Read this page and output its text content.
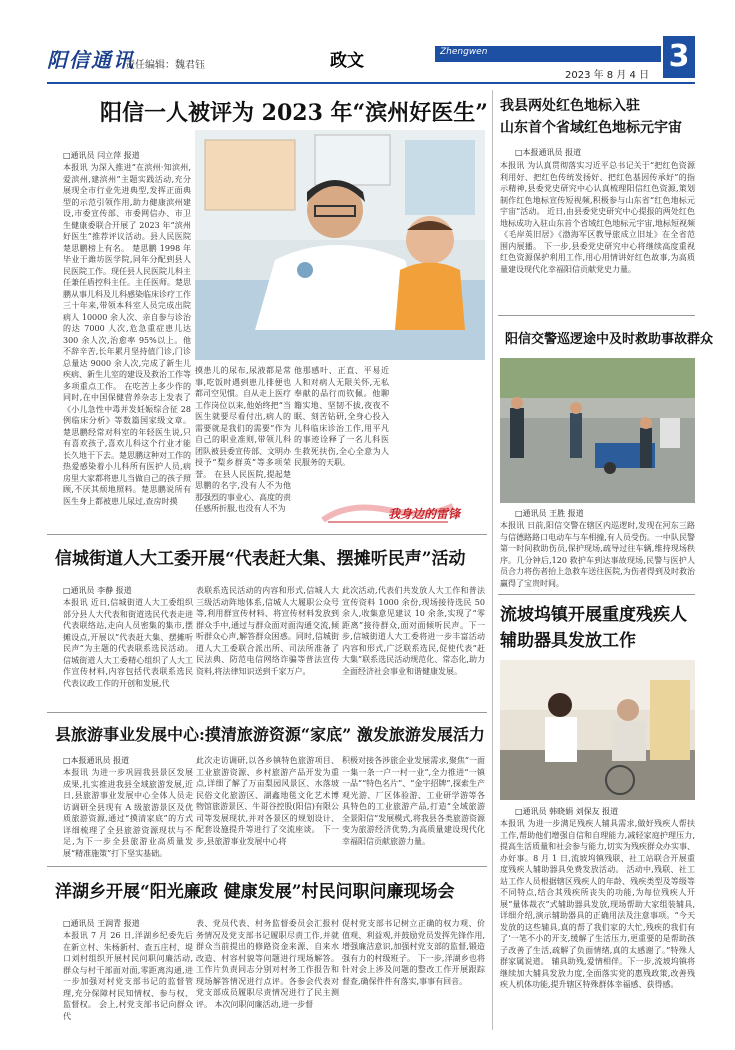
阳信通讯
责任编辑：魏君钰	政文	Zhengwen	3
2023 年 8 月 4 日
阳信一人被评为 2023 年“滨州好医生”
□通讯员 闫立萍 报道
本报讯 为深入推进“在滨州·知滨州,爱滨州,建滨州”主题实践活动,充分展现全市行业先进典型,发挥正面典型的示范引领作用,助力健康滨州建设,市委宣传部、市委网信办、市卫生健康委联合开展了 2023 年“滨州好医生”推荐评议活动。县人民医院楚思鹏榜上有名。 楚思鹏 1998 年毕业于潍坊医学院,同年分配到县人民医院工作。现任县人民医院儿科主任兼任盾控科主任。主任医师。楚思鹏从事儿科及儿科感染临床诊疗工作三十年来,带领本科室人员完成出院病人 10000 余人次、亲自参与诊治的达 7000 人次,危急重症患儿达 300 余人次,治愈率 95%以上。他不辞辛苦,长年累月坚持值门诊,门诊总量达 9000 余人次,完成了新生儿疾病、新生儿室的建设及救治工作等多项重点工作。 在吃苦上多少作的同时,在中国保健营养杂志上发表了《小儿急性中毒并发妊娠综合征 28 例临床分析》等数篇国家级文章。 楚思鹏经常对科室的年轻医生说,只有喜欢孩子,喜欢儿科这个行业才能长久地干下去。楚思鹏这种对工作的热爱感染着小儿科所有医护人员,病房里大家都将患儿当做自己的孩子照顾,不厌其烦地照料。楚思鹏说所有医生身上都被患儿尿过,查房时摸
摸患儿的尿布,尿液都是常事,吃饭时遇到患儿排便也都司空见惯。自从走上医疗工作岗位以来,他始终把“当医生就要尽看付出,病人的需要就是我们的需要”作为自己的职业准则,带领儿科团队被县委宣传部、文明办授予“梨乡群英”等多项荣誉。 在县人民医院,提起楚思鹏的名字,没有人不为他那强烈的事业心、高度的责任感所折服,也没有人不为
他那感叶、正直、平易近人和对病人无限关怀,无私奉献的品行而钦佩。他聊籍实地、坚韧不拔,夜夜不眠、刻苦钻研,全身心投入儿科临床诊治工作,用平凡的事迹诠释了一名儿科医生救死扶伤,全心全意为人民服务的天职。
我身边的雷锋
信城街道人大工委开展“代表赶大集、摆摊听民声”活动
□通讯员 李静 报道
本报讯 近日,信城街道人大工委组织部分县人大代表和街道选民代表走进代表联络站,走向人员密集的集市,摆摊设点,开展以“代表赶大集、摆摊听民声”为主题的代表联系选民活动。 信城街道人大工委精心组织了人大工作宣传材料,内容包括代表联系选民代表议政工作的开创和发展,代
表联系选民活动的内容和形式,信城人大三级活动阵地体系,信城人大履职公众号等,利用群宣传材料、将宣传材料发放到群众手中,通过与群众面对面沟通交流,倾听群众心声,解答群众困惑。同时,信城街道人大工委联合派出所、司法所准备了民法典、防范电信网络诈骗等普法宣传资料,将法律知识送到千家万户。
此次活动,代表们共发放人大工作和普法宣传资料 1000 余份,现场接待选民 50 余人,收集意见建议 10 余条,实现了“零距离”接待群众,面对面倾听民声。下一步,信城街道人大工委将进一步丰富活动内容和形式,广泛联系选民,促使代表“赶大集”联系选民活动规范化、常态化,助力全面经济社会事业和谐健康发展。
县旅游事业发展中心:摸清旅游资源“家底” 激发旅游发展活力
□本报通讯员 报道
本报讯 为进一步巩固我县景区发展成果,扎实推进我县全域旅游发展,近日,县旅游事业发展中心全体人员走访调研全县现有 A 级旅游景区及优质旅游资源,通过“摸清家底”的方式详细梳理了全县旅游资源现状与不足,为下一步全县旅游业高质量发展“精准施策”打下坚实基础。
此次走访调研,以各乡镇特色旅游项目、工业旅游资源、乡村旅游产品开发为重点,详细了解了万亩梨园风景区、水落坡民俗文化旅游区、湖鑫地毯文化艺术博物馆旅游景区、牛哥谷控股(阳信)有限公司等发展现状,并对各景区的规划设计、配套设施提升等进行了交流座谈。 下一步,县旅游事业发展中心将
积极对接各涉旅企业发展需求,聚焦“一面一集一条一户一村一业”,全力推进“一镇一品”“特色名片”、“金字招牌”,探索生产观光游、厂区体验游、工业研学游等各具特色的工业旅游产品,打造“全域旅游 全景阳信”发展模式,将我县各类旅游资源变为旅游经济优势,为高质量建设现代化幸福阳信贡献旅游力量。
洋湖乡开展“阳光廉政 健康发展”村民问职问廉现场会
□通讯员 王润青 报道
本报讯 7 月 26 日,洋湖乡纪委先后在新立村、朱杨新村、查五庄村、堤口刘村组织开展村民问职问廉活动,群众与村干部面对面,零距离沟通,进一步加强对村党支部书记的监督管理,充分保障村民知情权、参与权、监督权。 会上,村党支部书记向群众代
表、党员代表、村务监督委员会汇报村务情况及党支部书记履职尽责工作,并就群众当前提出的修路资金来源、自来水改造、村容村貌等问题进行现场解答。工作片负责同志分别对村务工作报告和现场解答情况进行点评。各参会代表对党支部成员履职尽责情况进行了民主测评。 本次问职问廉活动,进一步督
促村党支部书记树立正确的权力观、价值观、利益观,并鼓励党员发挥先锋作用,增强廉洁意识,加强村党支部的监督,锻造强有力的村级班子。 下一步,洋湖乡也将针对会上涉及问题的整改工作开展跟踪督查,确保件件有落实,事事有回音。
我县两处红色地标入驻
山东首个省域红色地标元宇宙
□本报通讯员 报道
本报讯 为认真贯彻落实习近平总书记关于“把红色资源利用好、把红色传统发扬好、把红色基因传承好”的指示精神,县委党史研究中心认真梳理阳信红色资源,策划制作红色地标宣传短视频,积极参与山东省“红色地标元宇宙”活动。 近日,由县委党史研究中心提报的两处红色地标成功入驻山东首个省域红色地标元宇宙,地标短视频《毛岸英旧居》《渤海军区教导旅成立旧址》在全省范围内展播。 下一步,县委党史研究中心将继续高度重视红色资源保护利用工作,用心用情讲好红色故事,为高质量建设现代化幸福阳信贡献党史力量。
阳信交警巡逻途中及时救助事故群众
□通讯员 王胜 报道
本报讯 日前,阳信交警在辖区内巡逻时,发现在河东三路与信德路路口电动车与车相撞,有人员受伤。一中队民警第一时间救助伤员,保护现场,疏导过往车辆,维持现场秩序。几分钟后,120 救护车到达事故现场,民警与医护人员合力将伤者抬上急救车送往医院,为伤者得到及时救治赢得了宝贵时间。
流坡坞镇开展重度残疾人
辅助器具发放工作
□通讯员 韩晓娟 刘保友 报道
本报讯 为进一步满足残疾人辅具需求,做好残疾人帮扶工作,帮助他们增强自信和自理能力,减轻家庭护理压力,提高生活质量和社会参与能力,切实为残疾群众办实事、办好事。8 月 1 日,流坡坞镇残联、社工站联合开展重度残疾人辅助器具免费发放活动。 活动中,残联、社工站工作人员根据辖区残疾人的年龄、残疾类型及等级等不同特点,结合其残疾所丧失的功能,为每位残疾人开展“量体裁衣”式辅助器具发放,现场帮助大家组装辅具,详细介绍,演示辅助器具的正确用法及注意事项。“今天发放的这些辅具,真的帮了我们家的大忙,残疾的我们有了‘一笔不小的开支,缓解了生活压力,更重要的是帮助孩子改善了生活,疏解了负面情绪,真的太感谢了。”特殊人群家属说道。 辅具助残,爱情相伴。下一步,流坡坞镇将继续加大辅具发放力度,全面落实党的惠残政策,改善残疾人机体功能,提升辖区特殊群体幸福感、获得感。
